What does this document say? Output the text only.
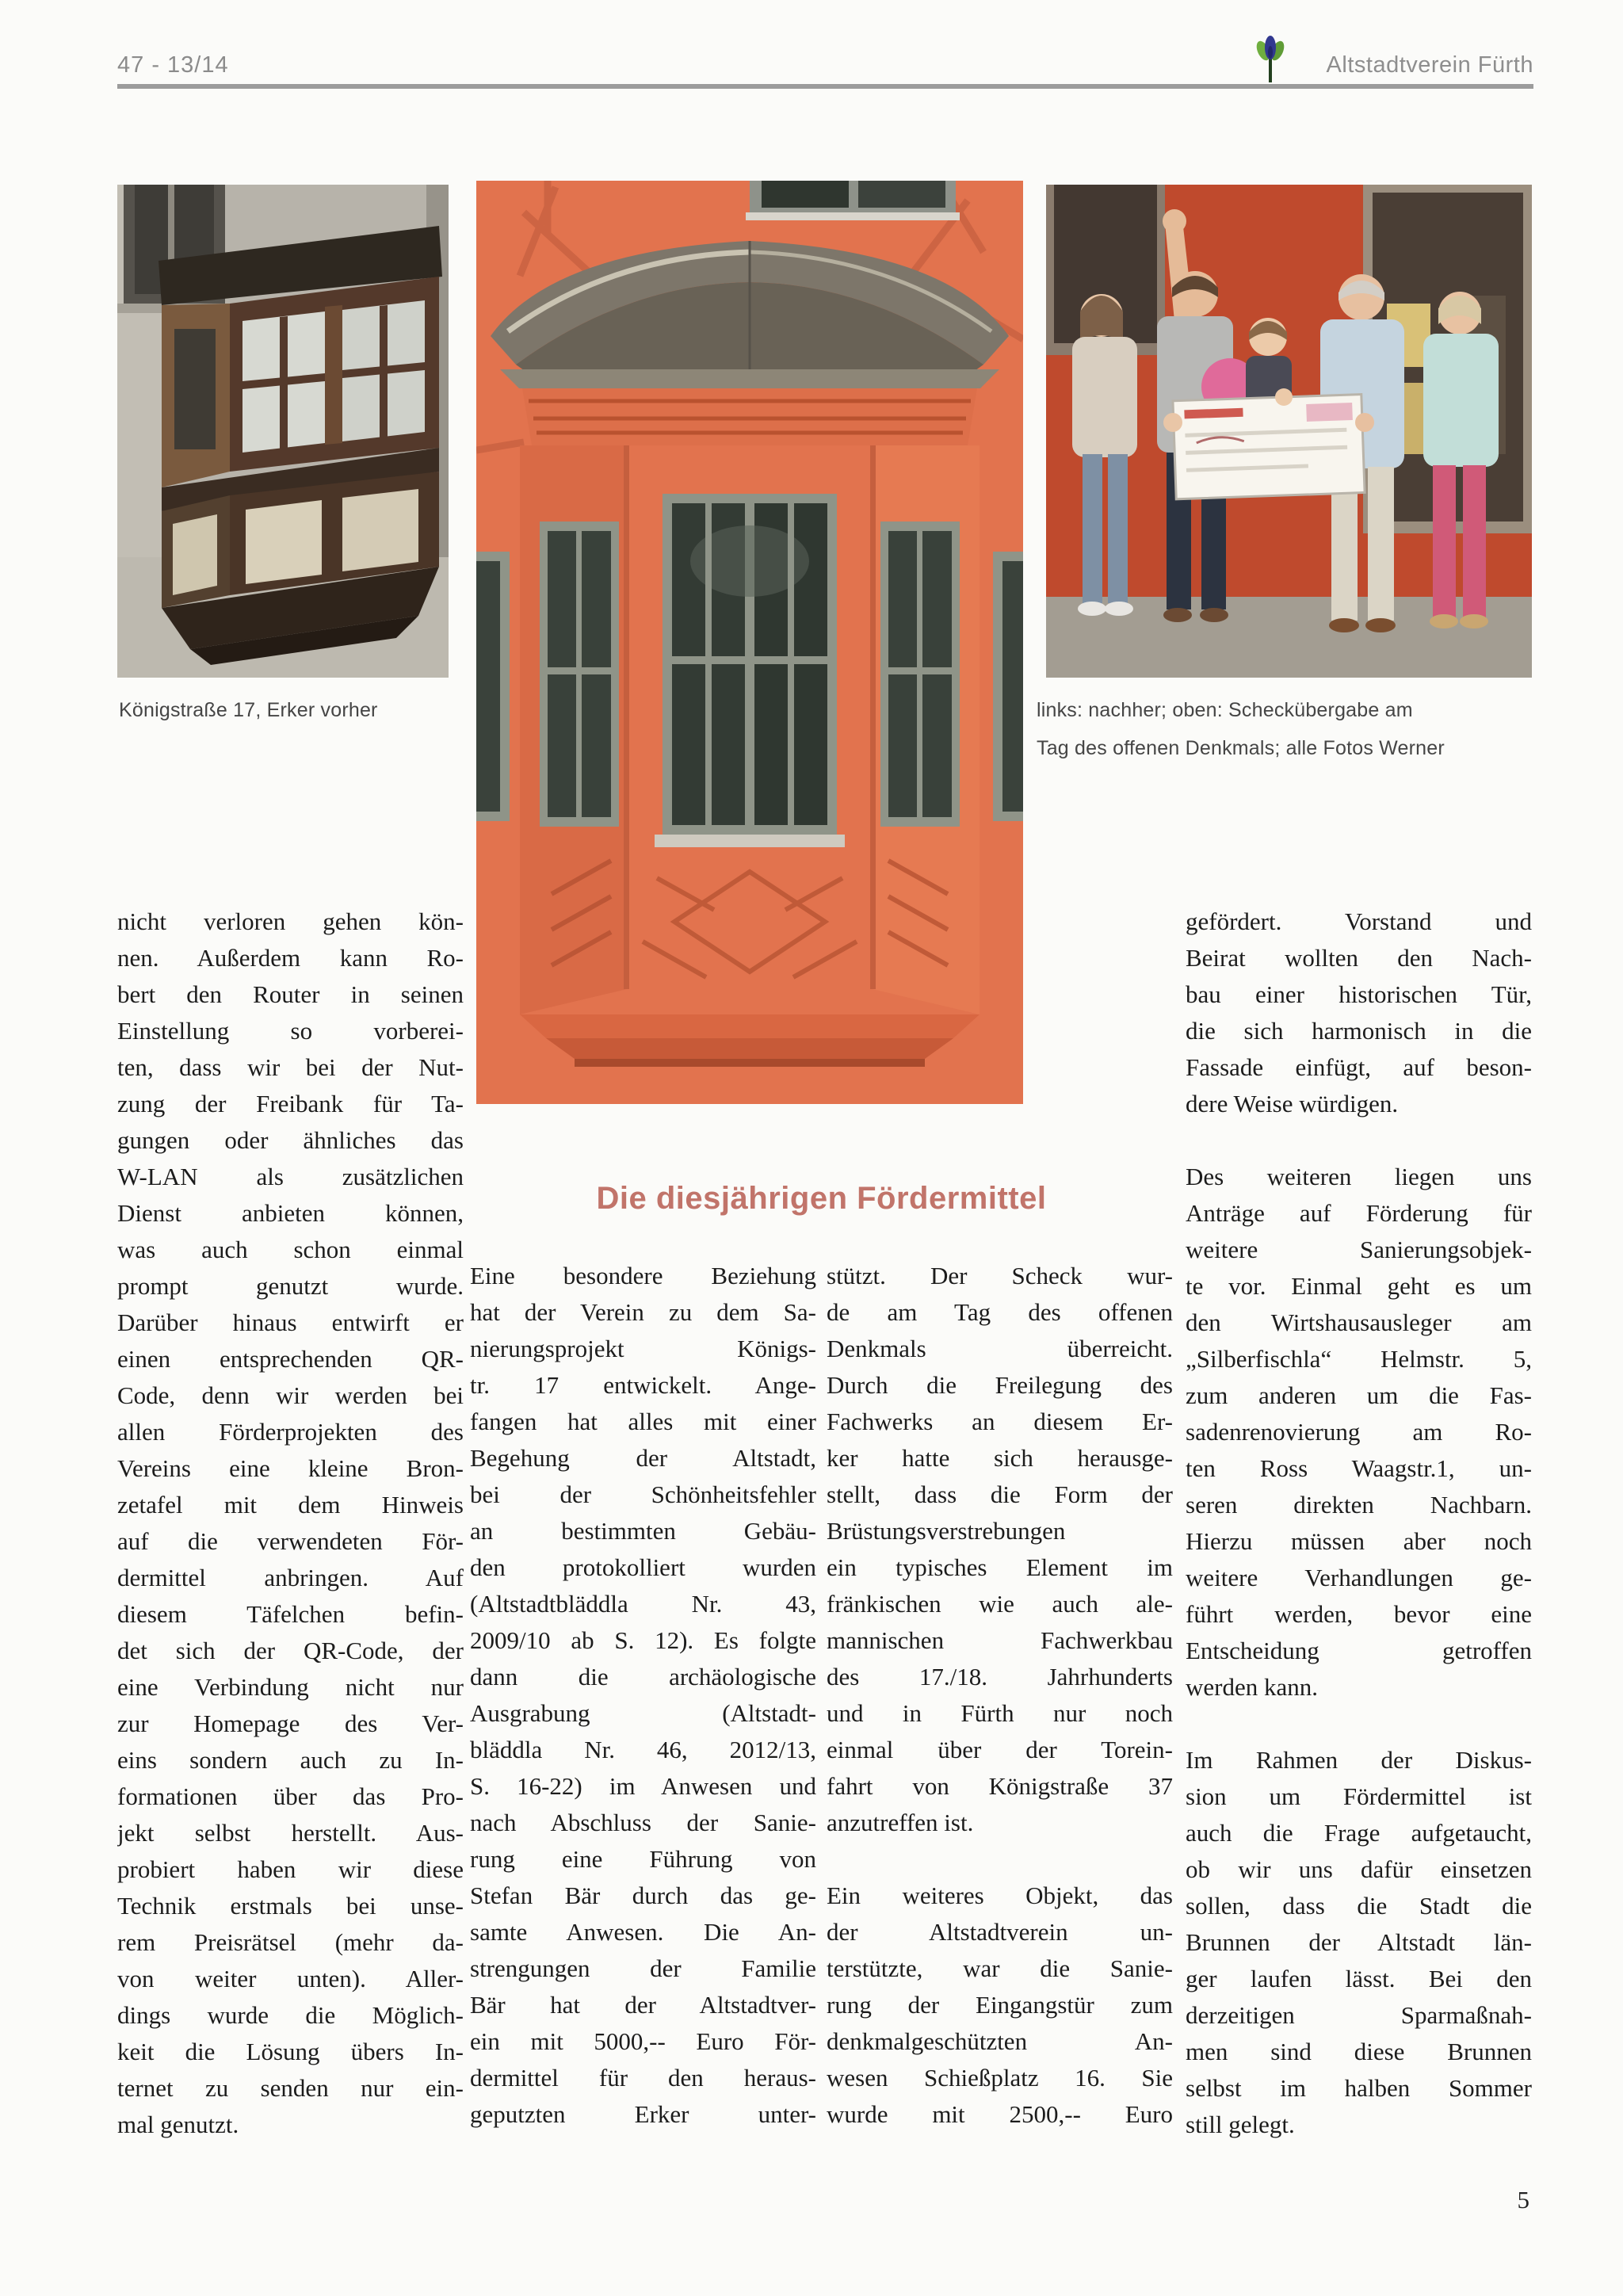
47 - 13/14	Altstadtverein Fürth
Königstraße 17, Erker vorher	links: nachher; oben: Scheckübergabe am
Tag des offenen Denkmals; alle Fotos Werner
Die diesjährigen Fördermittel
nicht verloren gehen kön-
nen. Außerdem kann Ro-
bert den Router in seinen
Einstellung so vorberei-
ten, dass wir bei der Nut-
zung der Freibank für Ta-
gungen oder ähnliches das
W-LAN als zusätzlichen
Dienst anbieten können,
was auch schon einmal
prompt genutzt wurde.
Darüber hinaus entwirft er
einen entsprechenden QR-
Code, denn wir werden bei
allen Förderprojekten des
Vereins eine kleine Bron-
zetafel mit dem Hinweis
auf die verwendeten För-
dermittel anbringen. Auf
diesem Täfelchen befin-
det sich der QR-Code, der
eine Verbindung nicht nur
zur Homepage des Ver-
eins sondern auch zu In-
formationen über das Pro-
jekt selbst herstellt. Aus-
probiert haben wir diese
Technik erstmals bei unse-
rem Preisrätsel (mehr da-
von weiter unten). Aller-
dings wurde die Möglich-
keit die Lösung übers In-
ternet zu senden nur ein-
mal genutzt.
Eine besondere Beziehung
hat der Verein zu dem Sa-
nierungsprojekt Königs-
tr. 17 entwickelt. Ange-
fangen hat alles mit einer
Begehung der Altstadt,
bei der Schönheitsfehler
an bestimmten Gebäu-
den protokolliert wurden
(Altstadtbläddla Nr. 43,
2009/10 ab S. 12). Es folgte
dann die archäologische
Ausgrabung (Altstadt-
bläddla Nr. 46, 2012/13,
S. 16-22) im Anwesen und
nach Abschluss der Sanie-
rung eine Führung von
Stefan Bär durch das ge-
samte Anwesen. Die An-
strengungen der Familie
Bär hat der Altstadtver-
ein mit 5000,-- Euro För-
dermittel für den heraus-
geputzten Erker unter-
stützt. Der Scheck wur-
de am Tag des offenen
Denkmals überreicht.
Durch die Freilegung des
Fachwerks an diesem Er-
ker hatte sich herausge-
stellt, dass die Form der
Brüstungsverstrebungen
ein typisches Element im
fränkischen wie auch ale-
mannischen Fachwerkbau
des 17./18. Jahrhunderts
und in Fürth nur noch
einmal über der Torein-
fahrt von Königstraße 37
anzutreffen ist.
Ein weiteres Objekt, das
der Altstadtverein un-
terstützte, war die Sanie-
rung der Eingangstür zum
denkmalgeschützten An-
wesen Schießplatz 16. Sie
wurde mit 2500,-- Euro
gefördert. Vorstand und
Beirat wollten den Nach-
bau einer historischen Tür,
die sich harmonisch in die
Fassade einfügt, auf beson-
dere Weise würdigen.
Des weiteren liegen uns
Anträge auf Förderung für
weitere Sanierungsobjek-
te vor. Einmal geht es um
den Wirtshausausleger am
„Silberfischla“ Helmstr. 5,
zum anderen um die Fas-
sadenrenovierung am Ro-
ten Ross Waagstr.1, un-
seren direkten Nachbarn.
Hierzu müssen aber noch
weitere Verhandlungen ge-
führt werden, bevor eine
Entscheidung getroffen
werden kann.
Im Rahmen der Diskus-
sion um Fördermittel ist
auch die Frage aufgetaucht,
ob wir uns dafür einsetzen
sollen, dass die Stadt die
Brunnen der Altstadt län-
ger laufen lässt. Bei den
derzeitigen Sparmaßnah-
men sind diese Brunnen
selbst im halben Sommer
still gelegt.
5
